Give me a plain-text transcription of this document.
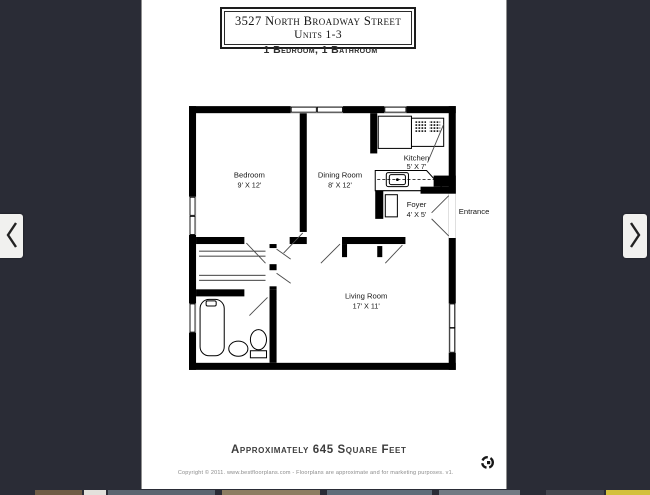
3527 North Broadway Street
Units 1-3
1 Bedroom, 1 Bathroom
Bedroom
9' X 12'
Dining Room
8' X 12'
Kitchen
5' X 7'
Foyer
4' X 5'
Living Room
17' X 11'
Entrance
Approximately 645 Square Feet
Copyright © 2011. www.bestfloorplans.com - Floorplans are approximate and for marketing purposes. v1.
